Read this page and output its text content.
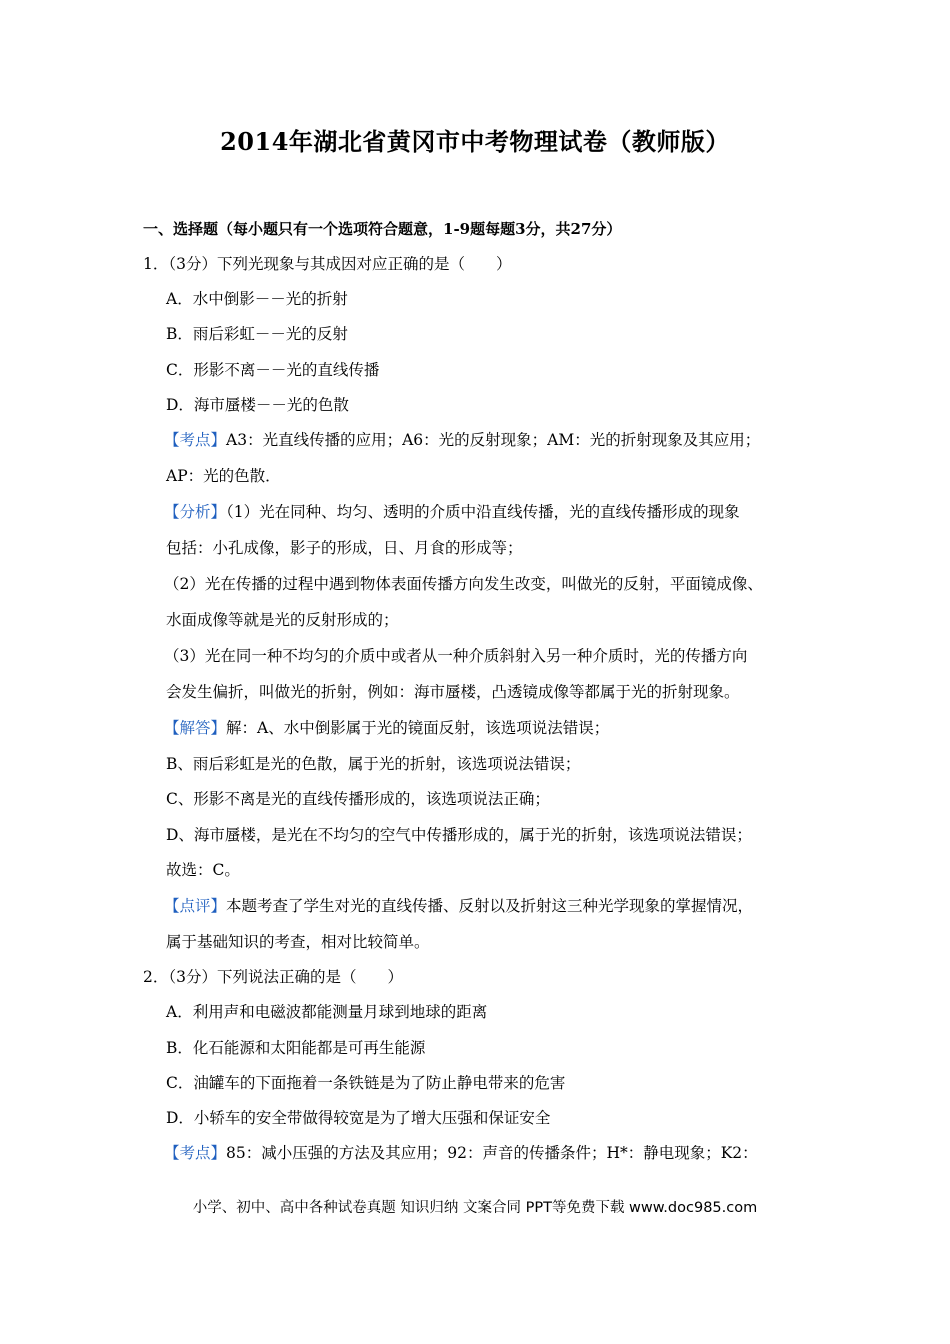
2014年湖北省黄冈市中考物理试卷（教师版）
一、选择题（每小题只有一个选项符合题意，1-9题每题3分，共27分）
1．（3分）下列光现象与其成因对应正确的是（　　）
A．水中倒影－－光的折射
B．雨后彩虹－－光的反射
C．形影不离－－光的直线传播
D．海市蜃楼－－光的色散
【考点】A3：光直线传播的应用；A6：光的反射现象；AM：光的折射现象及其应用；
AP：光的色散．
【分析】（1）光在同种、均匀、透明的介质中沿直线传播，光的直线传播形成的现象
包括：小孔成像，影子的形成，日、月食的形成等；
（2）光在传播的过程中遇到物体表面传播方向发生改变，叫做光的反射，平面镜成像、
水面成像等就是光的反射形成的；
（3）光在同一种不均匀的介质中或者从一种介质斜射入另一种介质时，光的传播方向
会发生偏折，叫做光的折射，例如：海市蜃楼，凸透镜成像等都属于光的折射现象。
【解答】解：A、水中倒影属于光的镜面反射，该选项说法错误；
B、雨后彩虹是光的色散，属于光的折射，该选项说法错误；
C、形影不离是光的直线传播形成的，该选项说法正确；
D、海市蜃楼，是光在不均匀的空气中传播形成的，属于光的折射，该选项说法错误；
故选：C。
【点评】本题考查了学生对光的直线传播、反射以及折射这三种光学现象的掌握情况，
属于基础知识的考查，相对比较简单。
2．（3分）下列说法正确的是（　　）
A．利用声和电磁波都能测量月球到地球的距离
B．化石能源和太阳能都是可再生能源
C．油罐车的下面拖着一条铁链是为了防止静电带来的危害
D．小轿车的安全带做得较宽是为了增大压强和保证安全
【考点】85：减小压强的方法及其应用；92：声音的传播条件；H*：静电现象；K2：
小学、初中、高中各种试卷真题 知识归纳 文案合同 PPT等免费下载 www.doc985.com
